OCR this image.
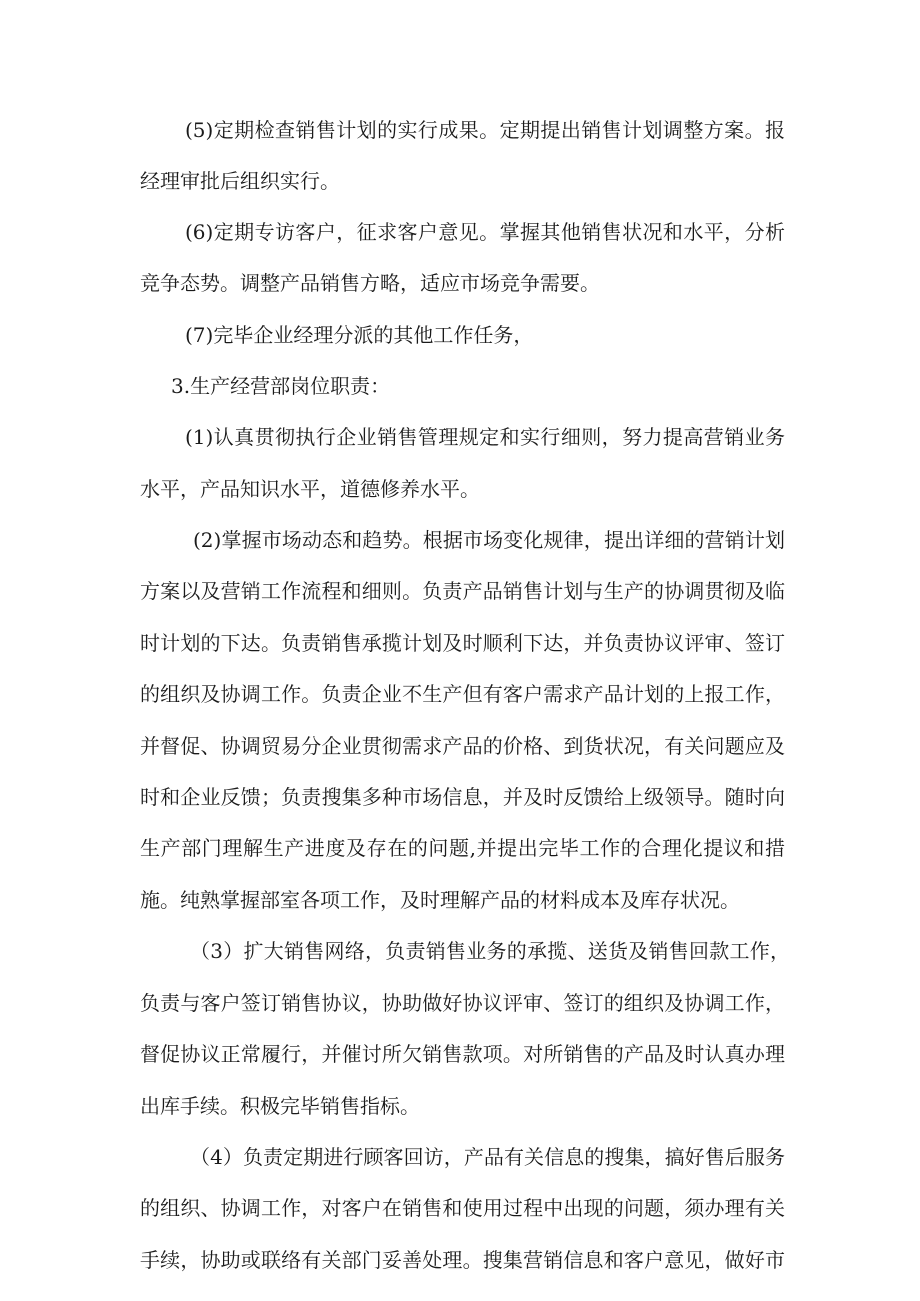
(5)定期检查销售计划的实行成果。定期提出销售计划调整方案。报
经理审批后组织实行。
(6)定期专访客户，征求客户意见。掌握其他销售状况和水平，分析
竞争态势。调整产品销售方略，适应市场竞争需要。
(7)完毕企业经理分派的其他工作任务，
3.生产经营部岗位职责：
(1)认真贯彻执行企业销售管理规定和实行细则，努力提高营销业务
水平，产品知识水平，道德修养水平。
(2)掌握市场动态和趋势。根据市场变化规律，提出详细的营销计划
方案以及营销工作流程和细则。负责产品销售计划与生产的协调贯彻及临
时计划的下达。负责销售承揽计划及时顺利下达，并负责协议评审、签订
的组织及协调工作。负责企业不生产但有客户需求产品计划的上报工作，
并督促、协调贸易分企业贯彻需求产品的价格、到货状况，有关问题应及
时和企业反馈；负责搜集多种市场信息，并及时反馈给上级领导。随时向
生产部门理解生产进度及存在的问题,并提出完毕工作的合理化提议和措
施。纯熟掌握部室各项工作，及时理解产品的材料成本及库存状况。
（3）扩大销售网络，负责销售业务的承揽、送货及销售回款工作，
负责与客户签订销售协议，协助做好协议评审、签订的组织及协调工作，
督促协议正常履行，并催讨所欠销售款项。对所销售的产品及时认真办理
出库手续。积极完毕销售指标。
（4）负责定期进行顾客回访，产品有关信息的搜集，搞好售后服务
的组织、协调工作，对客户在销售和使用过程中出现的问题，须办理有关
手续，协助或联络有关部门妥善处理。搜集营销信息和客户意见，做好市
